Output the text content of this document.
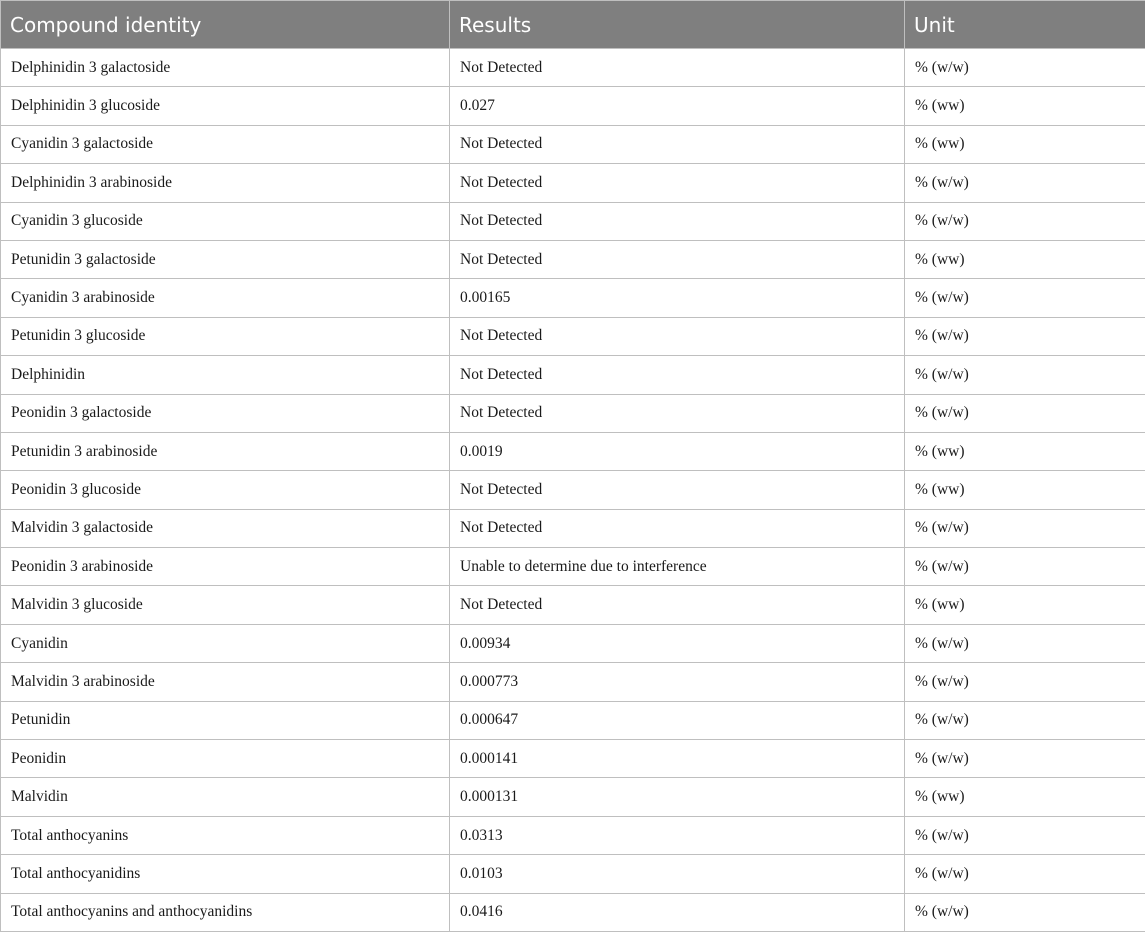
Compound identity	Results	Unit
Delphinidin 3 galactoside	Not Detected	% (w/w)
Delphinidin 3 glucoside	0.027	% (ww)
Cyanidin 3 galactoside	Not Detected	% (ww)
Delphinidin 3 arabinoside	Not Detected	% (w/w)
Cyanidin 3 glucoside	Not Detected	% (w/w)
Petunidin 3 galactoside	Not Detected	% (ww)
Cyanidin 3 arabinoside	0.00165	% (w/w)
Petunidin 3 glucoside	Not Detected	% (w/w)
Delphinidin	Not Detected	% (w/w)
Peonidin 3 galactoside	Not Detected	% (w/w)
Petunidin 3 arabinoside	0.0019	% (ww)
Peonidin 3 glucoside	Not Detected	% (ww)
Malvidin 3 galactoside	Not Detected	% (w/w)
Peonidin 3 arabinoside	Unable to determine due to interference	% (w/w)
Malvidin 3 glucoside	Not Detected	% (ww)
Cyanidin	0.00934	% (w/w)
Malvidin 3 arabinoside	0.000773	% (w/w)
Petunidin	0.000647	% (w/w)
Peonidin	0.000141	% (w/w)
Malvidin	0.000131	% (ww)
Total anthocyanins	0.0313	% (w/w)
Total anthocyanidins	0.0103	% (w/w)
Total anthocyanins and anthocyanidins	0.0416	% (w/w)
